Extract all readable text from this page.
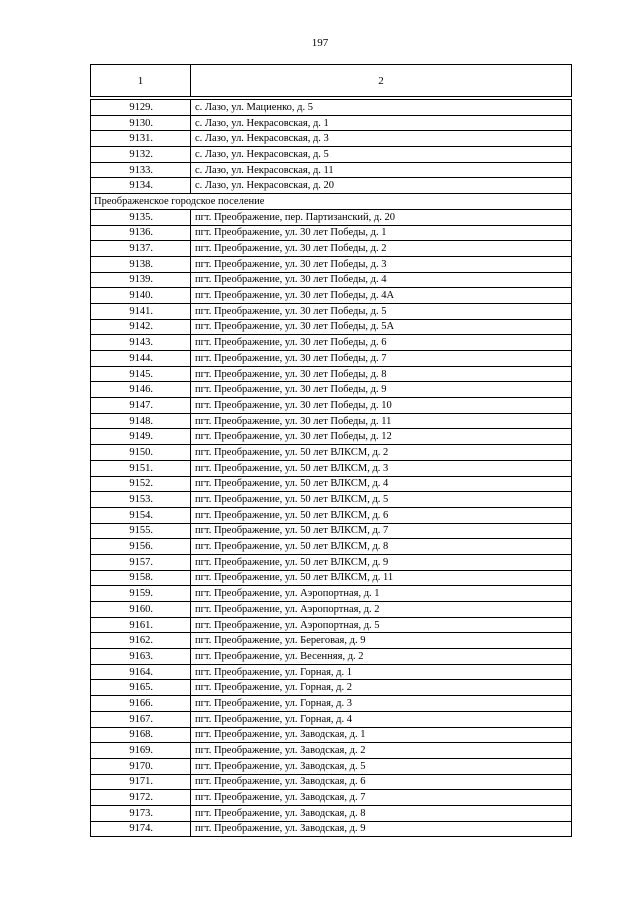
197
1	2
9129.	с. Лазо, ул. Мациенко, д. 5
9130.	с. Лазо, ул. Некрасовская, д. 1
9131.	с. Лазо, ул. Некрасовская, д. 3
9132.	с. Лазо, ул. Некрасовская, д. 5
9133.	с. Лазо, ул. Некрасовская, д. 11
9134.	с. Лазо, ул. Некрасовская, д. 20
Преображенское городское поселение	
9135.	пгт. Преображение, пер. Партизанский, д. 20
9136.	пгт. Преображение, ул. 30 лет Победы, д. 1
9137.	пгт. Преображение, ул. 30 лет Победы, д. 2
9138.	пгт. Преображение, ул. 30 лет Победы, д. 3
9139.	пгт. Преображение, ул. 30 лет Победы, д. 4
9140.	пгт. Преображение, ул. 30 лет Победы, д. 4А
9141.	пгт. Преображение, ул. 30 лет Победы, д. 5
9142.	пгт. Преображение, ул. 30 лет Победы, д. 5А
9143.	пгт. Преображение, ул. 30 лет Победы, д. 6
9144.	пгт. Преображение, ул. 30 лет Победы, д. 7
9145.	пгт. Преображение, ул. 30 лет Победы, д. 8
9146.	пгт. Преображение, ул. 30 лет Победы, д. 9
9147.	пгт. Преображение, ул. 30 лет Победы, д. 10
9148.	пгт. Преображение, ул. 30 лет Победы, д. 11
9149.	пгт. Преображение, ул. 30 лет Победы, д. 12
9150.	пгт. Преображение, ул. 50 лет ВЛКСМ, д. 2
9151.	пгт. Преображение, ул. 50 лет ВЛКСМ, д. 3
9152.	пгт. Преображение, ул. 50 лет ВЛКСМ, д. 4
9153.	пгт. Преображение, ул. 50 лет ВЛКСМ, д. 5
9154.	пгт. Преображение, ул. 50 лет ВЛКСМ, д. 6
9155.	пгт. Преображение, ул. 50 лет ВЛКСМ, д. 7
9156.	пгт. Преображение, ул. 50 лет ВЛКСМ, д. 8
9157.	пгт. Преображение, ул. 50 лет ВЛКСМ, д. 9
9158.	пгт. Преображение, ул. 50 лет ВЛКСМ, д. 11
9159.	пгт. Преображение, ул. Аэропортная, д. 1
9160.	пгт. Преображение, ул. Аэропортная, д. 2
9161.	пгт. Преображение, ул. Аэропортная, д. 5
9162.	пгт. Преображение, ул. Береговая, д. 9
9163.	пгт. Преображение, ул. Весенняя, д. 2
9164.	пгт. Преображение, ул. Горная, д. 1
9165.	пгт. Преображение, ул. Горная, д. 2
9166.	пгт. Преображение, ул. Горная, д. 3
9167.	пгт. Преображение, ул. Горная, д. 4
9168.	пгт. Преображение, ул. Заводская, д. 1
9169.	пгт. Преображение, ул. Заводская, д. 2
9170.	пгт. Преображение, ул. Заводская, д. 5
9171.	пгт. Преображение, ул. Заводская, д. 6
9172.	пгт. Преображение, ул. Заводская, д. 7
9173.	пгт. Преображение, ул. Заводская, д. 8
9174.	пгт. Преображение, ул. Заводская, д. 9
